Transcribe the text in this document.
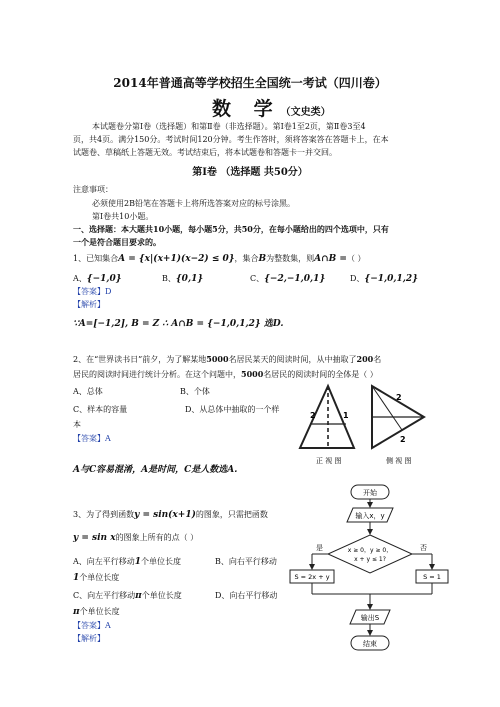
2014年普通高等学校招生全国统一考试（四川卷）
数 学（文史类）
本试题卷分第Ⅰ卷（选择题）和第Ⅱ卷（非选择题）。第Ⅰ卷1至2页，第Ⅱ卷3至4
页，共4页。满分150分。考试时间120分钟。考生作答时，须将答案答在答题卡上，在本
试题卷、草稿纸上答题无效。考试结束后，将本试题卷和答题卡一并交回。
第Ⅰ卷 （选择题 共50分）
注意事项：
必须使用2B铅笔在答题卡上将所选答案对应的标号涂黑。
第Ⅰ卷共10小题。
一、选择题：本大题共10小题，每小题5分，共50分，在每小题给出的四个选项中，只有
一个是符合题目要求的。
1、已知集合A = {x|(x+1)(x−2) ≤ 0}，集合B为整数集，则A∩B =（ ）
A、{−1,0}	B、{0,1}	C、{−2,−1,0,1}	D、{−1,0,1,2}
【答案】D
【解析】
∵A=[−1,2], B = Z ∴ A∩B = {−1,0,1,2} 选D.
2、在“世界读书日”前夕，为了解某地5000名居民某天的阅读时间，从中抽取了200名
居民的阅读时间进行统计分析。在这个问题中，5000名居民的阅读时间的全体是（ ）
A、总体	B、个体
C、样本的容量	D、从总体中抽取的一个样
本
【答案】A
A与C容易混淆，A是时间，C是人数选A.
2	1
2
2
正 视 图	侧 视 图
3、为了得到函数y = sin(x+1)的图象，只需把函数
y = sin x的图象上所有的点（ ）
A、向左平行移动1个单位长度	B、向右平行移动
1个单位长度
C、向左平行移动π个单位长度	D、向右平行移动
π个单位长度
【答案】A
【解析】
开始
输入x，y
x ≥ 0，y ≥ 0，
x + y ≤ 1?
是
S = 2x + y
否
S = 1
输出S
结束
